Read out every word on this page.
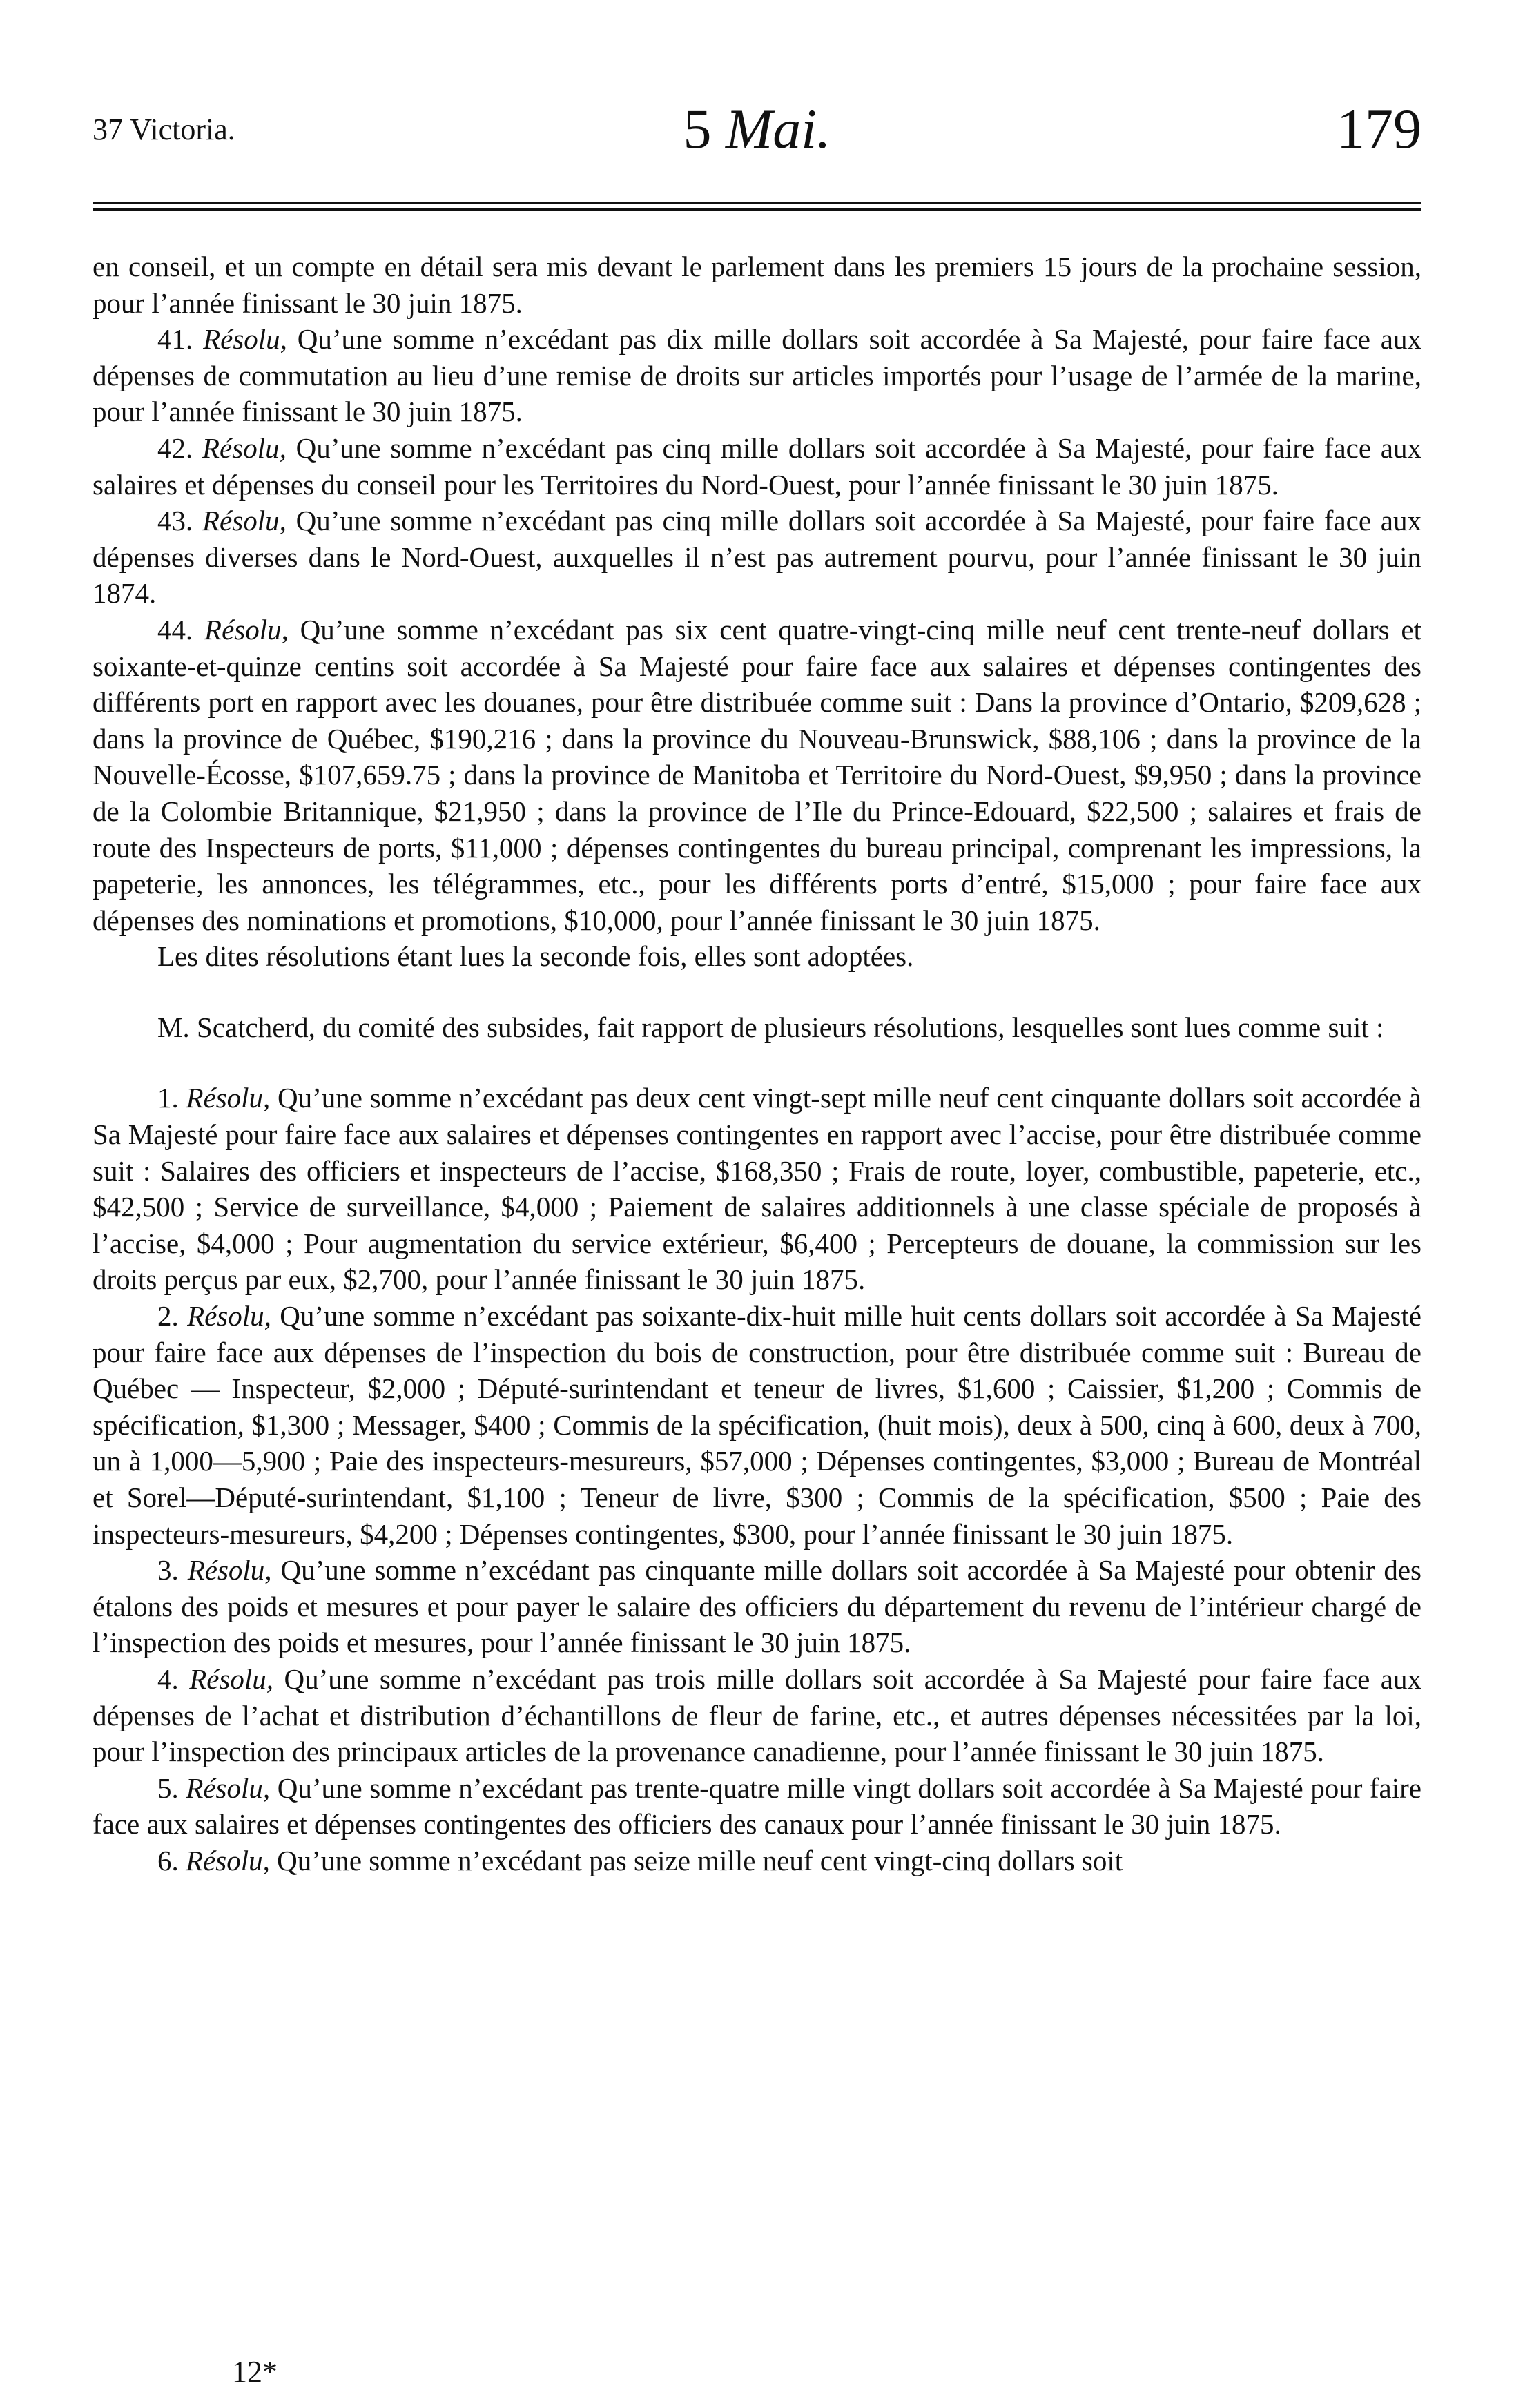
37 Victoria.	5 Mai.	179

en conseil, et un compte en détail sera mis devant le parlement dans les premiers 15 jours de la prochaine session, pour l’année finissant le 30 juin 1875.

41. Résolu, Qu’une somme n’excédant pas dix mille dollars soit accordée à Sa Majesté, pour faire face aux dépenses de commutation au lieu d’une remise de droits sur articles importés pour l’usage de l’armée de la marine, pour l’année finissant le 30 juin 1875.

42. Résolu, Qu’une somme n’excédant pas cinq mille dollars soit accordée à Sa Majesté, pour faire face aux salaires et dépenses du conseil pour les Territoires du Nord-Ouest, pour l’année finissant le 30 juin 1875.

43. Résolu, Qu’une somme n’excédant pas cinq mille dollars soit accordée à Sa Majesté, pour faire face aux dépenses diverses dans le Nord-Ouest, auxquelles il n’est pas autrement pourvu, pour l’année finissant le 30 juin 1874.

44. Résolu, Qu’une somme n’excédant pas six cent quatre-vingt-cinq mille neuf cent trente-neuf dollars et soixante-et-quinze centins soit accordée à Sa Majesté pour faire face aux salaires et dépenses contingentes des différents port en rapport avec les douanes, pour être distribuée comme suit : Dans la province d’Ontario, $209,628 ; dans la province de Québec, $190,216 ; dans la province du Nouveau-Brunswick, $88,106 ; dans la province de la Nouvelle-Écosse, $107,659.75 ; dans la province de Manitoba et Territoire du Nord-Ouest, $9,950 ; dans la province de la Colombie Britannique, $21,950 ; dans la province de l’Ile du Prince-Edouard, $22,500 ; salaires et frais de route des Inspecteurs de ports, $11,000 ; dépenses contingentes du bureau principal, comprenant les impressions, la papeterie, les annonces, les télégrammes, etc., pour les différents ports d’entré, $15,000 ; pour faire face aux dépenses des nominations et promotions, $10,000, pour l’année finissant le 30 juin 1875.

Les dites résolutions étant lues la seconde fois, elles sont adoptées.

M. Scatcherd, du comité des subsides, fait rapport de plusieurs résolutions, lesquelles sont lues comme suit :

1. Résolu, Qu’une somme n’excédant pas deux cent vingt-sept mille neuf cent cinquante dollars soit accordée à Sa Majesté pour faire face aux salaires et dépenses contingentes en rapport avec l’accise, pour être distribuée comme suit : Salaires des officiers et inspecteurs de l’accise, $168,350 ; Frais de route, loyer, combustible, papeterie, etc., $42,500 ; Service de surveillance, $4,000 ; Paiement de salaires additionnels à une classe spéciale de proposés à l’accise, $4,000 ; Pour augmentation du service extérieur, $6,400 ; Percepteurs de douane, la commission sur les droits perçus par eux, $2,700, pour l’année finissant le 30 juin 1875.

2. Résolu, Qu’une somme n’excédant pas soixante-dix-huit mille huit cents dollars soit accordée à Sa Majesté pour faire face aux dépenses de l’inspection du bois de construction, pour être distribuée comme suit : Bureau de Québec — Inspecteur, $2,000 ; Député-surintendant et teneur de livres, $1,600 ; Caissier, $1,200 ; Commis de spécification, $1,300 ; Messager, $400 ; Commis de la spécification, (huit mois), deux à 500, cinq à 600, deux à 700, un à 1,000—5,900 ; Paie des inspecteurs-mesureurs, $57,000 ; Dépenses contingentes, $3,000 ; Bureau de Montréal et Sorel—Député-surintendant, $1,100 ; Teneur de livre, $300 ; Commis de la spécification, $500 ; Paie des inspecteurs-mesureurs, $4,200 ; Dépenses contingentes, $300, pour l’année finissant le 30 juin 1875.

3. Résolu, Qu’une somme n’excédant pas cinquante mille dollars soit accordée à Sa Majesté pour obtenir des étalons des poids et mesures et pour payer le salaire des officiers du département du revenu de l’intérieur chargé de l’inspection des poids et mesures, pour l’année finissant le 30 juin 1875.

4. Résolu, Qu’une somme n’excédant pas trois mille dollars soit accordée à Sa Majesté pour faire face aux dépenses de l’achat et distribution d’échantillons de fleur de farine, etc., et autres dépenses nécessitées par la loi, pour l’inspection des principaux articles de la provenance canadienne, pour l’année finissant le 30 juin 1875.

5. Résolu, Qu’une somme n’excédant pas trente-quatre mille vingt dollars soit accordée à Sa Majesté pour faire face aux salaires et dépenses contingentes des officiers des canaux pour l’année finissant le 30 juin 1875.

6. Résolu, Qu’une somme n’excédant pas seize mille neuf cent vingt-cinq dollars soit

12*
